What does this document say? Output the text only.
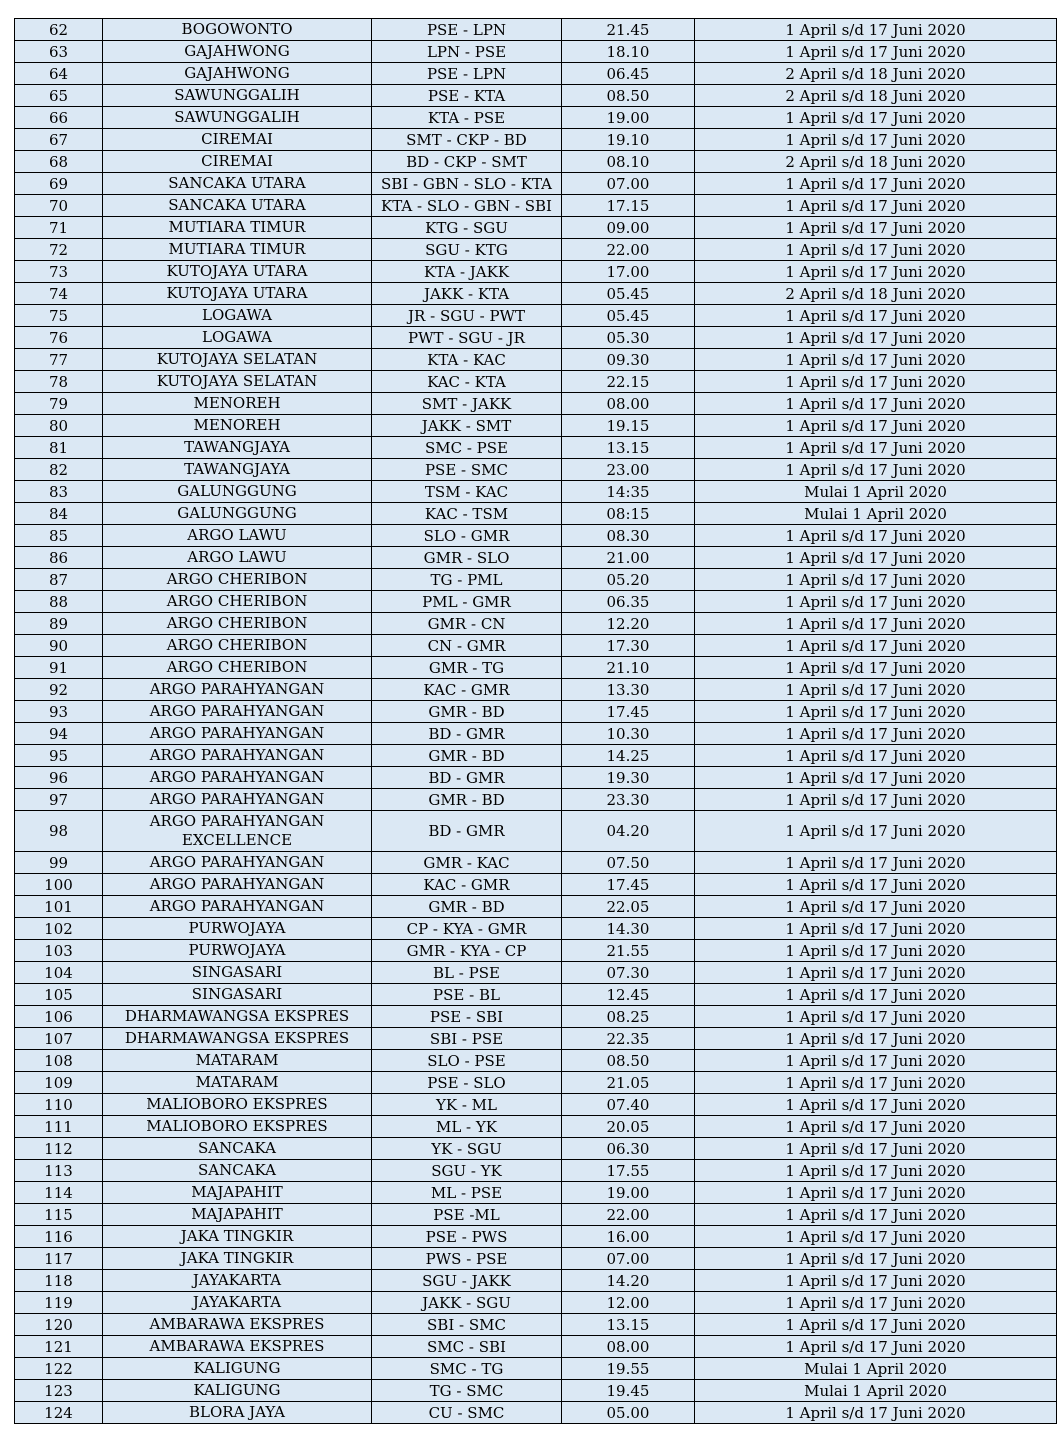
62	BOGOWONTO	PSE - LPN	21.45	1 April s/d 17 Juni 2020
63	GAJAHWONG	LPN - PSE	18.10	1 April s/d 17 Juni 2020
64	GAJAHWONG	PSE - LPN	06.45	2 April s/d 18 Juni 2020
65	SAWUNGGALIH	PSE - KTA	08.50	2 April s/d 18 Juni 2020
66	SAWUNGGALIH	KTA - PSE	19.00	1 April s/d 17 Juni 2020
67	CIREMAI	SMT - CKP - BD	19.10	1 April s/d 17 Juni 2020
68	CIREMAI	BD - CKP - SMT	08.10	2 April s/d 18 Juni 2020
69	SANCAKA UTARA	SBI - GBN - SLO - KTA	07.00	1 April s/d 17 Juni 2020
70	SANCAKA UTARA	KTA - SLO - GBN - SBI	17.15	1 April s/d 17 Juni 2020
71	MUTIARA TIMUR	KTG - SGU	09.00	1 April s/d 17 Juni 2020
72	MUTIARA TIMUR	SGU - KTG	22.00	1 April s/d 17 Juni 2020
73	KUTOJAYA UTARA	KTA - JAKK	17.00	1 April s/d 17 Juni 2020
74	KUTOJAYA UTARA	JAKK - KTA	05.45	2 April s/d 18 Juni 2020
75	LOGAWA	JR - SGU - PWT	05.45	1 April s/d 17 Juni 2020
76	LOGAWA	PWT - SGU - JR	05.30	1 April s/d 17 Juni 2020
77	KUTOJAYA SELATAN	KTA - KAC	09.30	1 April s/d 17 Juni 2020
78	KUTOJAYA SELATAN	KAC - KTA	22.15	1 April s/d 17 Juni 2020
79	MENOREH	SMT - JAKK	08.00	1 April s/d 17 Juni 2020
80	MENOREH	JAKK - SMT	19.15	1 April s/d 17 Juni 2020
81	TAWANGJAYA	SMC - PSE	13.15	1 April s/d 17 Juni 2020
82	TAWANGJAYA	PSE - SMC	23.00	1 April s/d 17 Juni 2020
83	GALUNGGUNG	TSM - KAC	14:35	Mulai 1 April 2020
84	GALUNGGUNG	KAC - TSM	08:15	Mulai 1 April 2020
85	ARGO LAWU	SLO - GMR	08.30	1 April s/d 17 Juni 2020
86	ARGO LAWU	GMR - SLO	21.00	1 April s/d 17 Juni 2020
87	ARGO CHERIBON	TG - PML	05.20	1 April s/d 17 Juni 2020
88	ARGO CHERIBON	PML - GMR	06.35	1 April s/d 17 Juni 2020
89	ARGO CHERIBON	GMR - CN	12.20	1 April s/d 17 Juni 2020
90	ARGO CHERIBON	CN - GMR	17.30	1 April s/d 17 Juni 2020
91	ARGO CHERIBON	GMR - TG	21.10	1 April s/d 17 Juni 2020
92	ARGO PARAHYANGAN	KAC - GMR	13.30	1 April s/d 17 Juni 2020
93	ARGO PARAHYANGAN	GMR - BD	17.45	1 April s/d 17 Juni 2020
94	ARGO PARAHYANGAN	BD - GMR	10.30	1 April s/d 17 Juni 2020
95	ARGO PARAHYANGAN	GMR - BD	14.25	1 April s/d 17 Juni 2020
96	ARGO PARAHYANGAN	BD - GMR	19.30	1 April s/d 17 Juni 2020
97	ARGO PARAHYANGAN	GMR - BD	23.30	1 April s/d 17 Juni 2020
98	ARGO PARAHYANGAN EXCELLENCE	BD - GMR	04.20	1 April s/d 17 Juni 2020
99	ARGO PARAHYANGAN	GMR - KAC	07.50	1 April s/d 17 Juni 2020
100	ARGO PARAHYANGAN	KAC - GMR	17.45	1 April s/d 17 Juni 2020
101	ARGO PARAHYANGAN	GMR - BD	22.05	1 April s/d 17 Juni 2020
102	PURWOJAYA	CP - KYA - GMR	14.30	1 April s/d 17 Juni 2020
103	PURWOJAYA	GMR - KYA - CP	21.55	1 April s/d 17 Juni 2020
104	SINGASARI	BL - PSE	07.30	1 April s/d 17 Juni 2020
105	SINGASARI	PSE - BL	12.45	1 April s/d 17 Juni 2020
106	DHARMAWANGSA EKSPRES	PSE - SBI	08.25	1 April s/d 17 Juni 2020
107	DHARMAWANGSA EKSPRES	SBI - PSE	22.35	1 April s/d 17 Juni 2020
108	MATARAM	SLO - PSE	08.50	1 April s/d 17 Juni 2020
109	MATARAM	PSE - SLO	21.05	1 April s/d 17 Juni 2020
110	MALIOBORO EKSPRES	YK - ML	07.40	1 April s/d 17 Juni 2020
111	MALIOBORO EKSPRES	ML - YK	20.05	1 April s/d 17 Juni 2020
112	SANCAKA	YK - SGU	06.30	1 April s/d 17 Juni 2020
113	SANCAKA	SGU - YK	17.55	1 April s/d 17 Juni 2020
114	MAJAPAHIT	ML - PSE	19.00	1 April s/d 17 Juni 2020
115	MAJAPAHIT	PSE -ML	22.00	1 April s/d 17 Juni 2020
116	JAKA TINGKIR	PSE - PWS	16.00	1 April s/d 17 Juni 2020
117	JAKA TINGKIR	PWS - PSE	07.00	1 April s/d 17 Juni 2020
118	JAYAKARTA	SGU - JAKK	14.20	1 April s/d 17 Juni 2020
119	JAYAKARTA	JAKK - SGU	12.00	1 April s/d 17 Juni 2020
120	AMBARAWA EKSPRES	SBI - SMC	13.15	1 April s/d 17 Juni 2020
121	AMBARAWA EKSPRES	SMC - SBI	08.00	1 April s/d 17 Juni 2020
122	KALIGUNG	SMC - TG	19.55	Mulai 1 April 2020
123	KALIGUNG	TG - SMC	19.45	Mulai 1 April 2020
124	BLORA JAYA	CU - SMC	05.00	1 April s/d 17 Juni 2020
